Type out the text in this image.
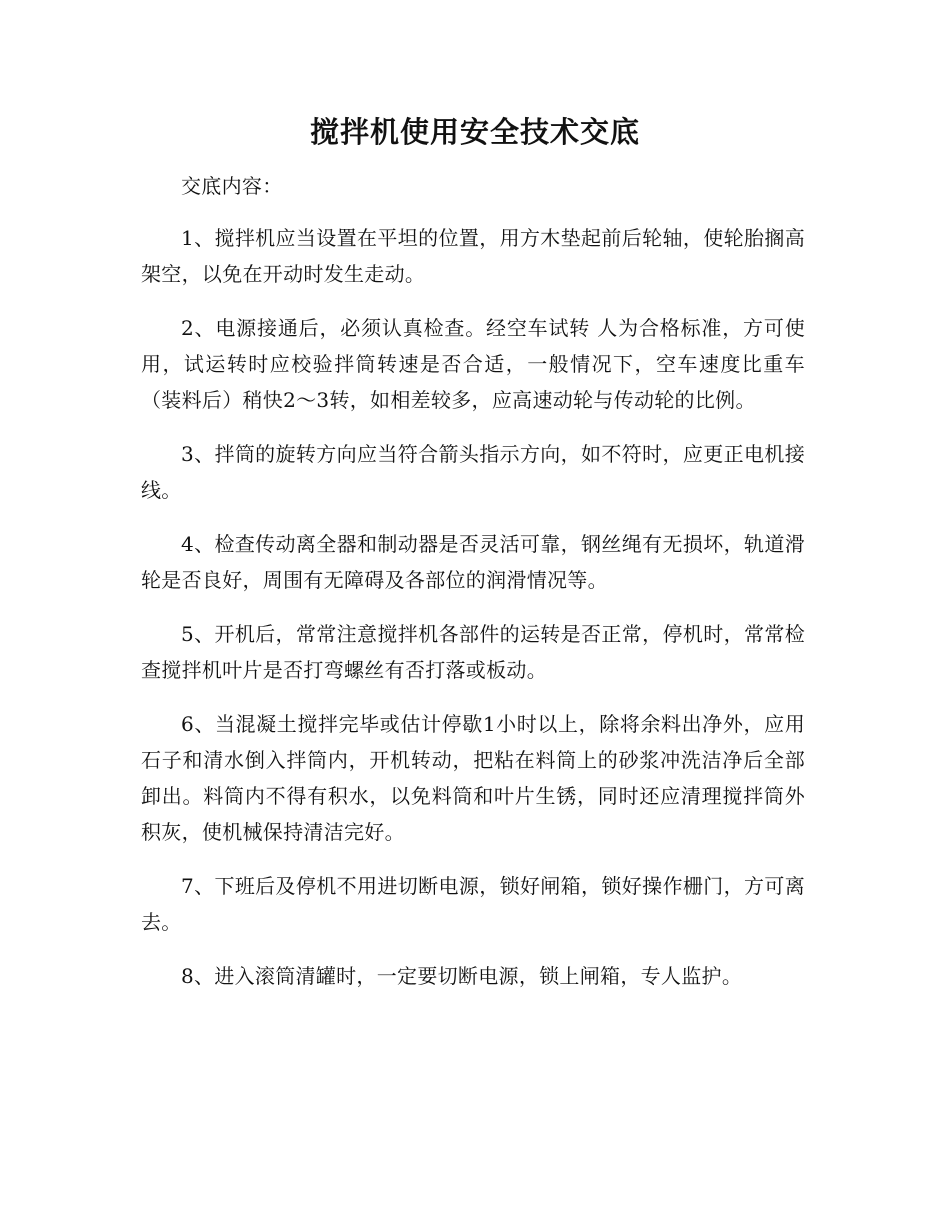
搅拌机使用安全技术交底

交底内容：

1、搅拌机应当设置在平坦的位置，用方木垫起前后轮轴，使轮胎搁高架空，以免在开动时发生走动。

2、电源接通后，必须认真检查。经空车试转 人为合格标准，方可使用，试运转时应校验拌筒转速是否合适，一般情况下，空车速度比重车（装料后）稍快2～3转，如相差较多，应高速动轮与传动轮的比例。

3、拌筒的旋转方向应当符合箭头指示方向，如不符时，应更正电机接线。

4、检查传动离全器和制动器是否灵活可靠，钢丝绳有无损坏，轨道滑轮是否良好，周围有无障碍及各部位的润滑情况等。

5、开机后，常常注意搅拌机各部件的运转是否正常，停机时，常常检查搅拌机叶片是否打弯螺丝有否打落或板动。

6、当混凝土搅拌完毕或估计停歇1小时以上，除将余料出净外，应用石子和清水倒入拌筒内，开机转动，把粘在料筒上的砂浆冲洗洁净后全部卸出。料筒内不得有积水，以免料筒和叶片生锈，同时还应清理搅拌筒外积灰，使机械保持清洁完好。

7、下班后及停机不用进切断电源，锁好闸箱，锁好操作栅门，方可离去。

8、进入滚筒清罐时，一定要切断电源，锁上闸箱，专人监护。
